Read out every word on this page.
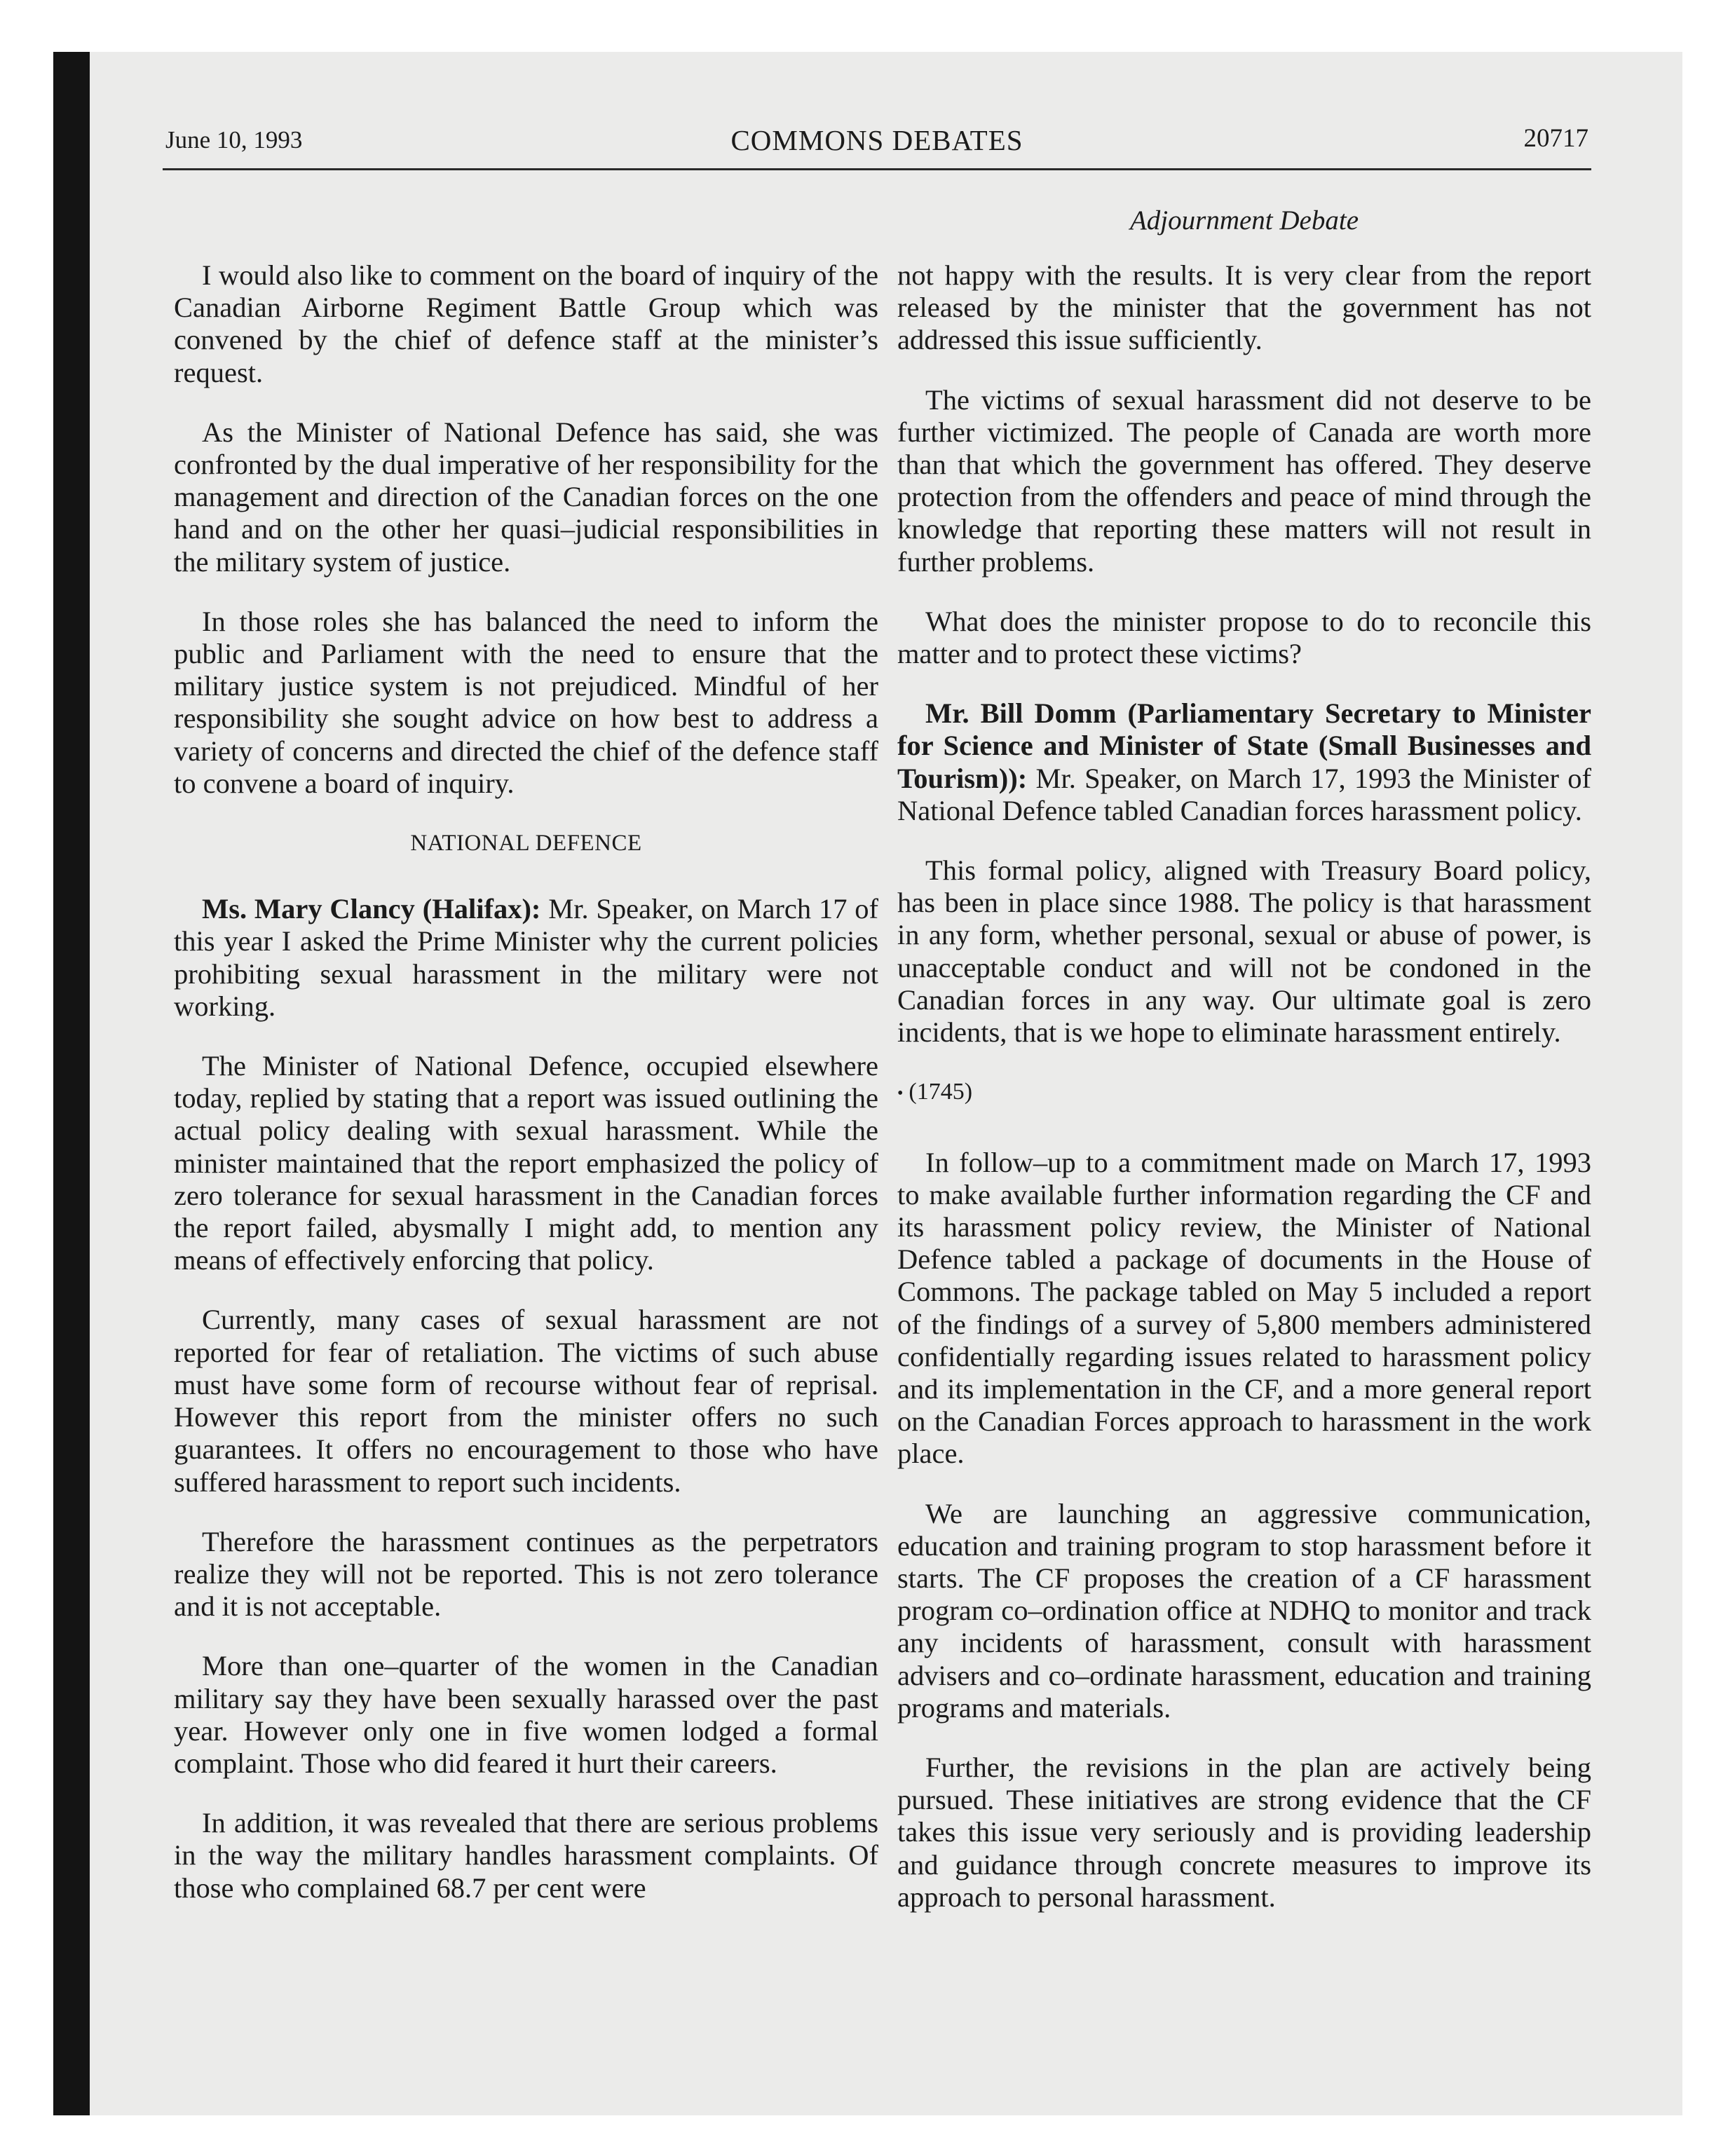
June 10, 1993	COMMONS DEBATES	20717
Adjournment Debate

I would also like to comment on the board of inquiry of the Canadian Airborne Regiment Battle Group which was convened by the chief of defence staff at the minister’s request.

As the Minister of National Defence has said, she was confronted by the dual imperative of her responsibility for the management and direction of the Canadian forces on the one hand and on the other her quasi–judicial responsibilities in the military system of justice.

In those roles she has balanced the need to inform the public and Parliament with the need to ensure that the military justice system is not prejudiced. Mindful of her responsibility she sought advice on how best to address a variety of concerns and directed the chief of the defence staff to convene a board of inquiry.

NATIONAL DEFENCE

Ms. Mary Clancy (Halifax): Mr. Speaker, on March 17 of this year I asked the Prime Minister why the current policies prohibiting sexual harassment in the military were not working.

The Minister of National Defence, occupied elsewhere today, replied by stating that a report was issued outlining the actual policy dealing with sexual harassment. While the minister maintained that the report emphasized the policy of zero tolerance for sexual harassment in the Canadian forces the report failed, abysmally I might add, to mention any means of effectively enforcing that policy.

Currently, many cases of sexual harassment are not reported for fear of retaliation. The victims of such abuse must have some form of recourse without fear of reprisal. However this report from the minister offers no such guarantees. It offers no encouragement to those who have suffered harassment to report such incidents.

Therefore the harassment continues as the perpetrators realize they will not be reported. This is not zero tolerance and it is not acceptable.

More than one–quarter of the women in the Canadian military say they have been sexually harassed over the past year. However only one in five women lodged a formal complaint. Those who did feared it hurt their careers.

In addition, it was revealed that there are serious problems in the way the military handles harassment complaints. Of those who complained 68.7 per cent were

not happy with the results. It is very clear from the report released by the minister that the government has not addressed this issue sufficiently.

The victims of sexual harassment did not deserve to be further victimized. The people of Canada are worth more than that which the government has offered. They deserve protection from the offenders and peace of mind through the knowledge that reporting these matters will not result in further problems.

What does the minister propose to do to reconcile this matter and to protect these victims?

Mr. Bill Domm (Parliamentary Secretary to Minister for Science and Minister of State (Small Businesses and Tourism)): Mr. Speaker, on March 17, 1993 the Minister of National Defence tabled Canadian forces harassment policy.

This formal policy, aligned with Treasury Board policy, has been in place since 1988. The policy is that harassment in any form, whether personal, sexual or abuse of power, is unacceptable conduct and will not be condoned in the Canadian forces in any way. Our ultimate goal is zero incidents, that is we hope to eliminate harassment entirely.

• (1745)

In follow–up to a commitment made on March 17, 1993 to make available further information regarding the CF and its harassment policy review, the Minister of National Defence tabled a package of documents in the House of Commons. The package tabled on May 5 included a report of the findings of a survey of 5,800 members administered confidentially regarding issues related to harassment policy and its implementation in the CF, and a more general report on the Canadian Forces approach to harassment in the work place.

We are launching an aggressive communication, education and training program to stop harassment before it starts. The CF proposes the creation of a CF harassment program co–ordination office at NDHQ to monitor and track any incidents of harassment, consult with harassment advisers and co–ordinate harassment, education and training programs and materials.

Further, the revisions in the plan are actively being pursued. These initiatives are strong evidence that the CF takes this issue very seriously and is providing leadership and guidance through concrete measures to improve its approach to personal harassment.
